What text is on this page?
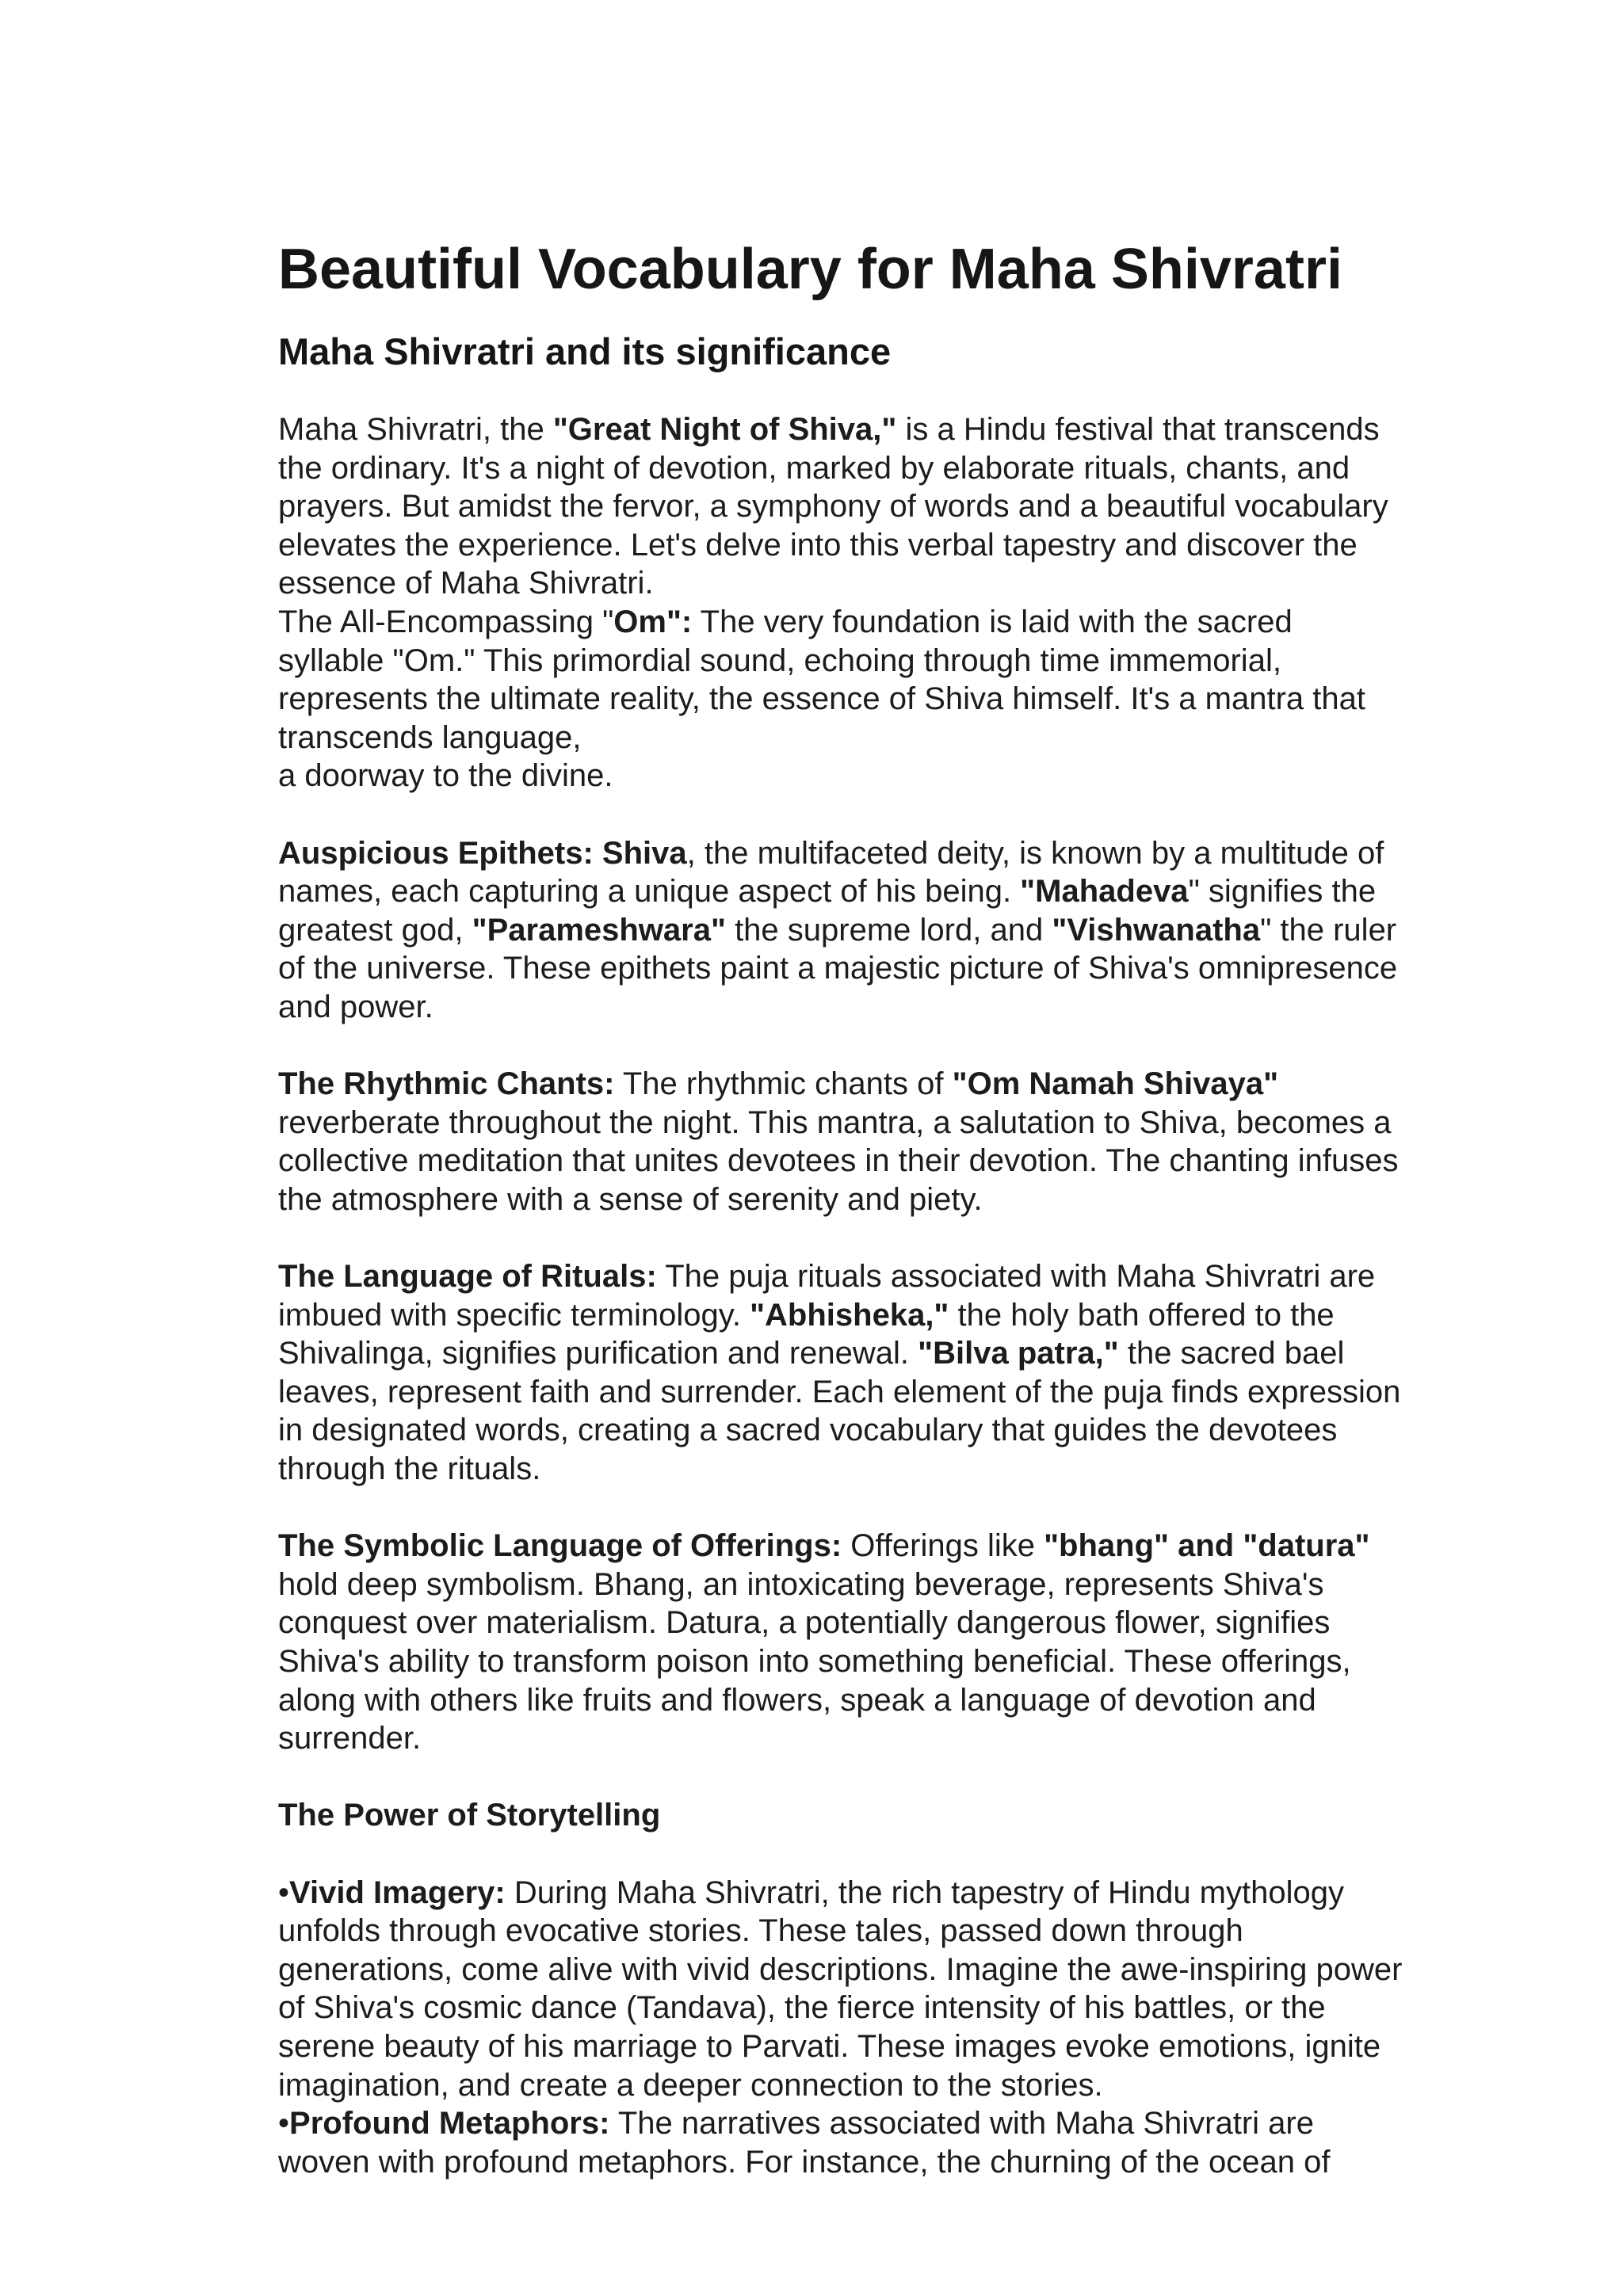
Beautiful Vocabulary for Maha Shivratri
Maha Shivratri and its significance
Maha Shivratri, the "Great Night of Shiva," is a Hindu festival that transcends
the ordinary. It's a night of devotion, marked by elaborate rituals, chants, and
prayers. But amidst the fervor, a symphony of words and a beautiful vocabulary
elevates the experience. Let's delve into this verbal tapestry and discover the
essence of Maha Shivratri.
The All-Encompassing "Om": The very foundation is laid with the sacred
syllable "Om." This primordial sound, echoing through time immemorial,
represents the ultimate reality, the essence of Shiva himself. It's a mantra that
transcends language,
a doorway to the divine.
Auspicious Epithets: Shiva, the multifaceted deity, is known by a multitude of
names, each capturing a unique aspect of his being. "Mahadeva" signifies the
greatest god, "Parameshwara" the supreme lord, and "Vishwanatha" the ruler
of the universe. These epithets paint a majestic picture of Shiva's omnipresence
and power.
The Rhythmic Chants: The rhythmic chants of "Om Namah Shivaya"
reverberate throughout the night. This mantra, a salutation to Shiva, becomes a
collective meditation that unites devotees in their devotion. The chanting infuses
the atmosphere with a sense of serenity and piety.
The Language of Rituals: The puja rituals associated with Maha Shivratri are
imbued with specific terminology. "Abhisheka," the holy bath offered to the
Shivalinga, signifies purification and renewal. "Bilva patra," the sacred bael
leaves, represent faith and surrender. Each element of the puja finds expression
in designated words, creating a sacred vocabulary that guides the devotees
through the rituals.
The Symbolic Language of Offerings: Offerings like "bhang" and "datura"
hold deep symbolism. Bhang, an intoxicating beverage, represents Shiva's
conquest over materialism. Datura, a potentially dangerous flower, signifies
Shiva's ability to transform poison into something beneficial. These offerings,
along with others like fruits and flowers, speak a language of devotion and
surrender.
The Power of Storytelling
•Vivid Imagery: During Maha Shivratri, the rich tapestry of Hindu mythology
unfolds through evocative stories. These tales, passed down through
generations, come alive with vivid descriptions. Imagine the awe-inspiring power
of Shiva's cosmic dance (Tandava), the fierce intensity of his battles, or the
serene beauty of his marriage to Parvati. These images evoke emotions, ignite
imagination, and create a deeper connection to the stories.
•Profound Metaphors: The narratives associated with Maha Shivratri are
woven with profound metaphors. For instance, the churning of the ocean of
